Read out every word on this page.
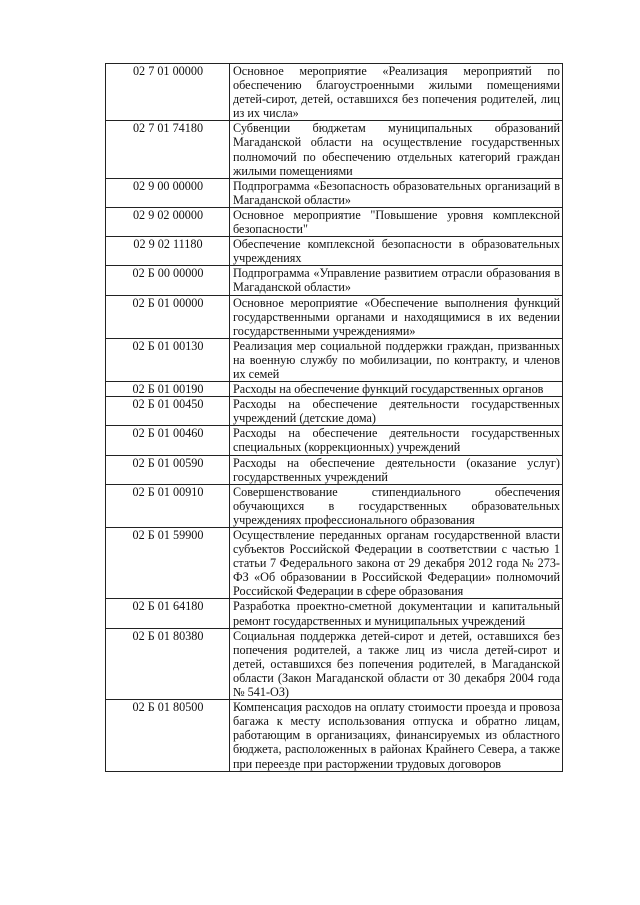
02 7 01 00000	Основное мероприятие «Реализация мероприятий по обеспечению благоустроенными жилыми помещениями детей-сирот, детей, оставшихся без попечения родителей, лиц из их числа»
02 7 01 74180	Субвенции бюджетам муниципальных образований Магаданской области на осуществление государственных полномочий по обеспечению отдельных категорий граждан жилыми помещениями
02 9 00 00000	Подпрограмма «Безопасность образовательных организаций в Магаданской области»
02 9 02 00000	Основное мероприятие "Повышение уровня комплексной безопасности"
02 9 02 11180	Обеспечение комплексной безопасности в образовательных учреждениях
02 Б 00 00000	Подпрограмма «Управление развитием отрасли образования в Магаданской области»
02 Б 01 00000	Основное мероприятие «Обеспечение выполнения функций государственными органами и находящимися в их ведении государственными учреждениями»
02 Б 01 00130	Реализация мер социальной поддержки граждан, призванных на военную службу по мобилизации, по контракту, и членов их семей
02 Б 01 00190	Расходы на обеспечение функций государственных органов
02 Б 01 00450	Расходы на обеспечение деятельности государственных учреждений (детские дома)
02 Б 01 00460	Расходы на обеспечение деятельности государственных специальных (коррекционных) учреждений
02 Б 01 00590	Расходы на обеспечение деятельности (оказание услуг) государственных учреждений
02 Б 01 00910	Совершенствование стипендиального обеспечения обучающихся в государственных образовательных учреждениях профессионального образования
02 Б 01 59900	Осуществление переданных органам государственной власти субъектов Российской Федерации в соответствии с частью 1 статьи 7 Федерального закона от 29 декабря 2012 года № 273-ФЗ «Об образовании в Российской Федерации» полномочий Российской Федерации в сфере образования
02 Б 01 64180	Разработка проектно-сметной документации и капитальный ремонт государственных и муниципальных учреждений
02 Б 01 80380	Социальная поддержка детей-сирот и детей, оставшихся без попечения родителей, а также лиц из числа детей-сирот и детей, оставшихся без попечения родителей, в Магаданской области (Закон Магаданской области от 30 декабря 2004 года № 541-ОЗ)
02 Б 01 80500	Компенсация расходов на оплату стоимости проезда и провоза багажа к месту использования отпуска и обратно лицам, работающим в организациях, финансируемых из областного бюджета, расположенных в районах Крайнего Севера, а также при переезде при расторжении трудовых договоров
